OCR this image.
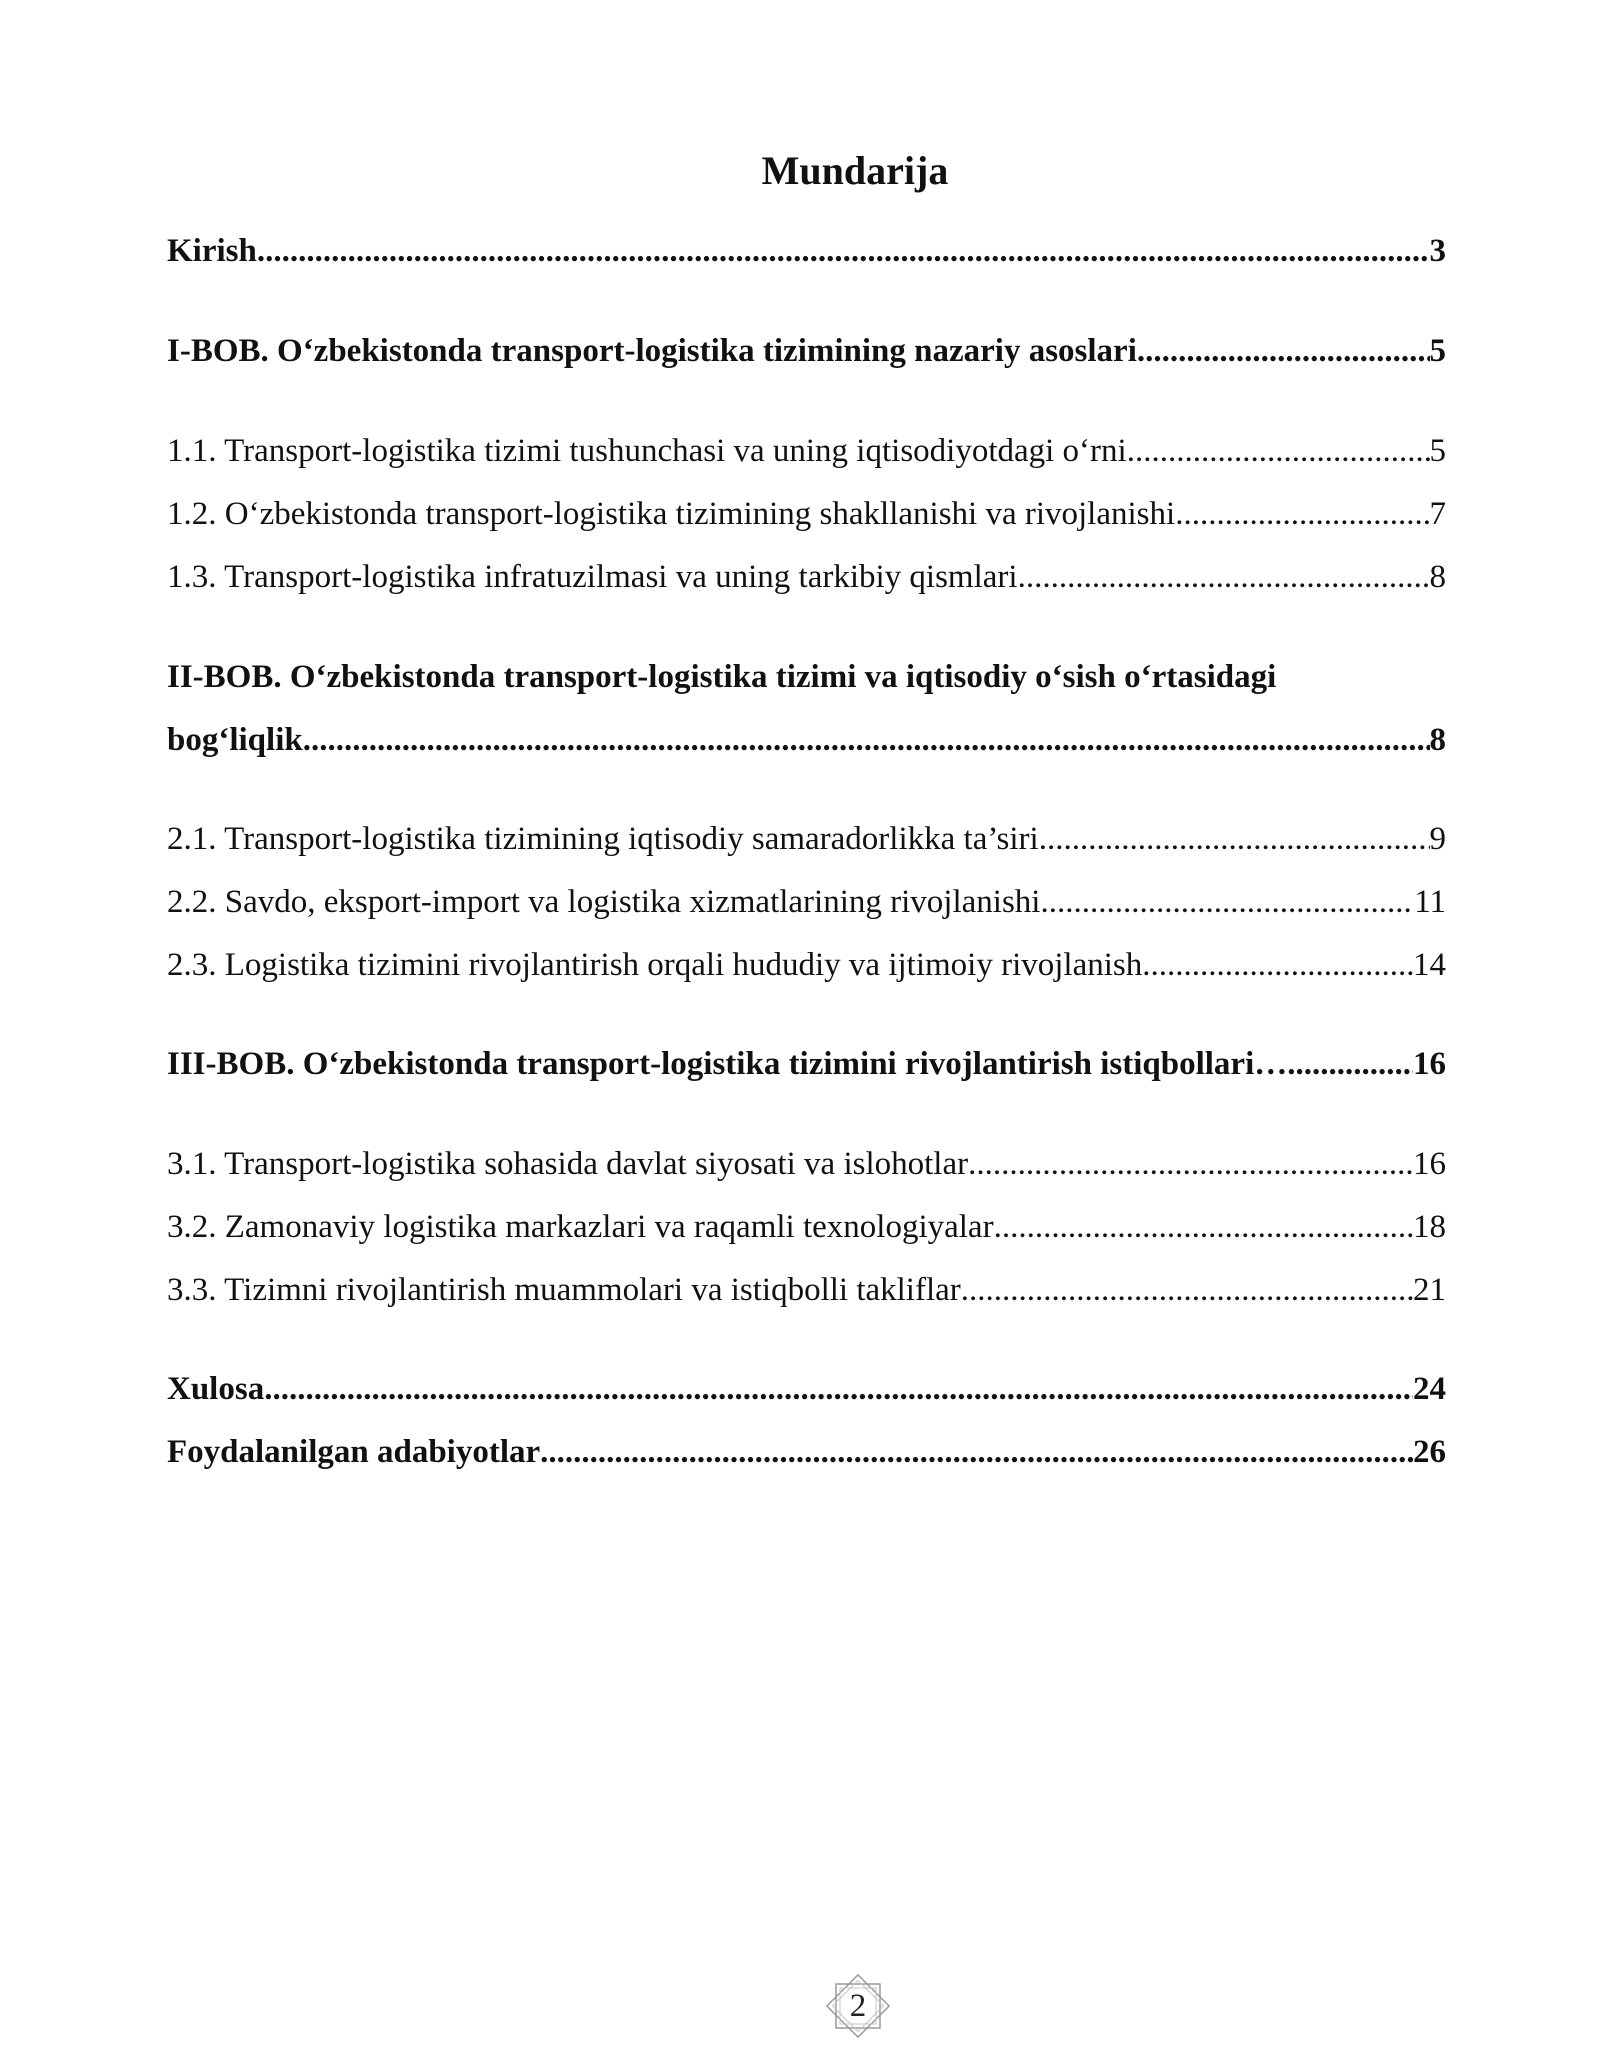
Mundarija
Kirish .....	3
I-BOB. O‘zbekistonda transport-logistika tizimining nazariy asoslari .....	5
1.1. Transport-logistika tizimi tushunchasi va uning iqtisodiyotdagi o‘rni .....	5
1.2. O‘zbekistonda transport-logistika tizimining shakllanishi va rivojlanishi .....	7
1.3. Transport-logistika infratuzilmasi va uning tarkibiy qismlari .....	8
II-BOB. O‘zbekistonda transport-logistika tizimi va iqtisodiy o‘sish o‘rtasidagi
bog‘liqlik .....	8
2.1. Transport-logistika tizimining iqtisodiy samaradorlikka ta’siri .....	9
2.2. Savdo, eksport-import va logistika xizmatlarining rivojlanishi .....	11
2.3. Logistika tizimini rivojlantirish orqali hududiy va ijtimoiy rivojlanish .....	14
III-BOB. O‘zbekistonda transport-logistika tizimini rivojlantirish istiqbollari… .....	16
3.1. Transport-logistika sohasida davlat siyosati va islohotlar .....	16
3.2. Zamonaviy logistika markazlari va raqamli texnologiyalar .....	18
3.3. Tizimni rivojlantirish muammolari va istiqbolli takliflar .....	21
Xulosa .....	24
Foydalanilgan adabiyotlar .....	26
2
